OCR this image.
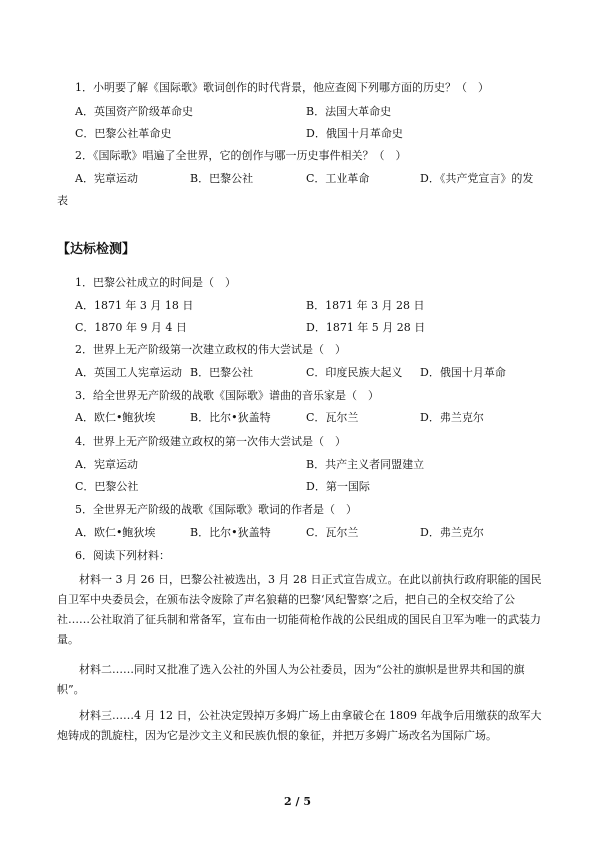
1．小明要了解《国际歌》歌词创作的时代背景，他应查阅下列哪方面的历史？（　）
A．英国资产阶级革命史	B．法国大革命史
C．巴黎公社革命史	D．俄国十月革命史
2．《国际歌》唱遍了全世界，它的创作与哪一历史事件相关？（　）
A．宪章运动	B．巴黎公社	C．工业革命	D．《共产党宣言》的发
表
【达标检测】
1．巴黎公社成立的时间是（　）
A．1871 年 3 月 18 日	B．1871 年 3 月 28 日
C．1870 年 9 月 4 日	D．1871 年 5 月 28 日
2．世界上无产阶级第一次建立政权的伟大尝试是（　）
A．英国工人宪章运动 B．巴黎公社	C．印度民族大起义 D．俄国十月革命
3．给全世界无产阶级的战歌《国际歌》谱曲的音乐家是（　）
A．欧仁•鲍狄埃	B．比尔•狄盖特	C．瓦尔兰	D．弗兰克尔
4．世界上无产阶级建立政权的第一次伟大尝试是（　）
A．宪章运动	B．共产主义者同盟建立
C．巴黎公社	D．第一国际
5．全世界无产阶级的战歌《国际歌》歌词的作者是（　）
A．欧仁•鲍狄埃	B．比尔•狄盖特	C．瓦尔兰	D．弗兰克尔
6．阅读下列材料：
材料一 3 月 26 日，巴黎公社被选出，3 月 28 日正式宣告成立。在此以前执行政府职能的国民自卫军中央委员会，在颁布法令废除了声名狼藉的巴黎‘风纪警察’之后，把自己的全权交给了公社……公社取消了征兵制和常备军，宣布由一切能荷枪作战的公民组成的国民自卫军为唯一的武装力量。
材料二……同时又批准了选入公社的外国人为公社委员，因为“公社的旗帜是世界共和国的旗帜”。
材料三……4 月 12 日，公社决定毁掉万多姆广场上由拿破仑在 1809 年战争后用缴获的敌军大炮铸成的凯旋柱，因为它是沙文主义和民族仇恨的象征，并把万多姆广场改名为国际广场。
2 / 5
